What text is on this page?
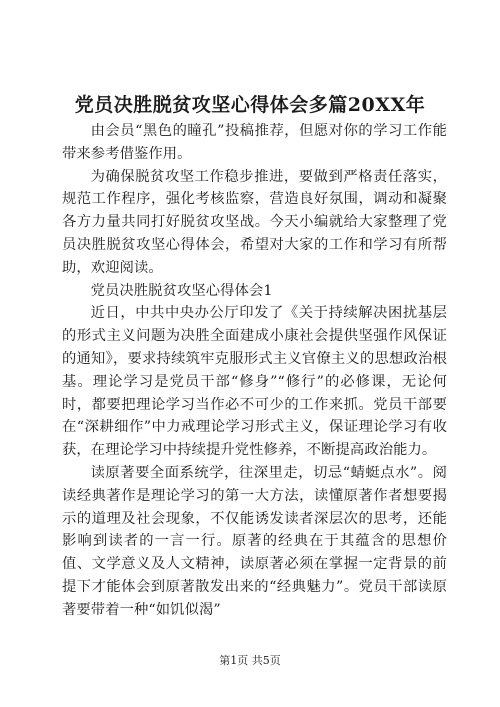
党员决胜脱贫攻坚心得体会多篇20XX年

由会员“黑色的瞳孔”投稿推荐，但愿对你的学习工作能带来参考借鉴作用。

为确保脱贫攻坚工作稳步推进，要做到严格责任落实，规范工作程序，强化考核监察，营造良好氛围，调动和凝聚各方力量共同打好脱贫攻坚战。今天小编就给大家整理了党员决胜脱贫攻坚心得体会，希望对大家的工作和学习有所帮助，欢迎阅读。

党员决胜脱贫攻坚心得体会1

近日，中共中央办公厅印发了《关于持续解决困扰基层的形式主义问题为决胜全面建成小康社会提供坚强作风保证的通知》，要求持续筑牢克服形式主义官僚主义的思想政治根基。理论学习是党员干部“修身”“修行”的必修课，无论何时，都要把理论学习当作必不可少的工作来抓。党员干部要在“深耕细作”中力戒理论学习形式主义，保证理论学习有收获，在理论学习中持续提升党性修养，不断提高政治能力。

读原著要全面系统学，往深里走，切忌“蜻蜓点水”。阅读经典著作是理论学习的第一大方法，读懂原著作者想要揭示的道理及社会现象，不仅能诱发读者深层次的思考，还能影响到读者的一言一行。原著的经典在于其蕴含的思想价值、文学意义及人文精神，读原著必须在掌握一定背景的前提下才能体会到原著散发出来的“经典魅力”。党员干部读原著要带着一种“如饥似渴”

第1页 共5页
